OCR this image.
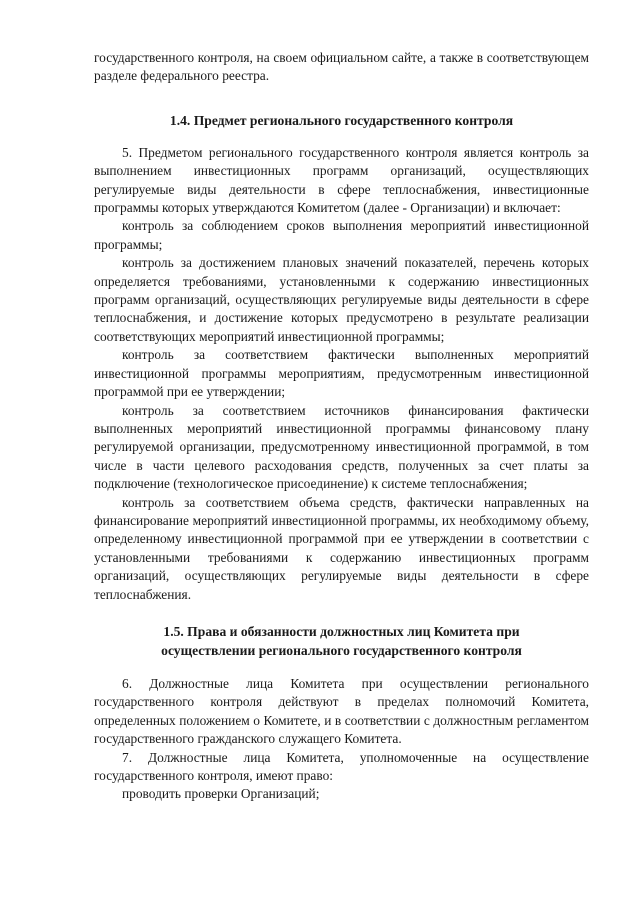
государственного контроля, на своем официальном сайте, а также в соответствующем разделе федерального реестра.

1.4. Предмет регионального государственного контроля

5. Предметом регионального государственного контроля является контроль за выполнением инвестиционных программ организаций, осуществляющих регулируемые виды деятельности в сфере теплоснабжения, инвестиционные программы которых утверждаются Комитетом (далее - Организации) и включает:

контроль за соблюдением сроков выполнения мероприятий инвестиционной программы;

контроль за достижением плановых значений показателей, перечень которых определяется требованиями, установленными к содержанию инвестиционных программ организаций, осуществляющих регулируемые виды деятельности в сфере теплоснабжения, и достижение которых предусмотрено в результате реализации соответствующих мероприятий инвестиционной программы;

контроль за соответствием фактически выполненных мероприятий инвестиционной программы мероприятиям, предусмотренным инвестиционной программой при ее утверждении;

контроль за соответствием источников финансирования фактически выполненных мероприятий инвестиционной программы финансовому плану регулируемой организации, предусмотренному инвестиционной программой, в том числе в части целевого расходования средств, полученных за счет платы за подключение (технологическое присоединение) к системе теплоснабжения;

контроль за соответствием объема средств, фактически направленных на финансирование мероприятий инвестиционной программы, их необходимому объему, определенному инвестиционной программой при ее утверждении в соответствии с установленными требованиями к содержанию инвестиционных программ организаций, осуществляющих регулируемые виды деятельности в сфере теплоснабжения.

1.5. Права и обязанности должностных лиц Комитета при
осуществлении регионального государственного контроля

6. Должностные лица Комитета при осуществлении регионального государственного контроля действуют в пределах полномочий Комитета, определенных положением о Комитете, и в соответствии с должностным регламентом государственного гражданского служащего Комитета.

7. Должностные лица Комитета, уполномоченные на осуществление государственного контроля, имеют право:

проводить проверки Организаций;
